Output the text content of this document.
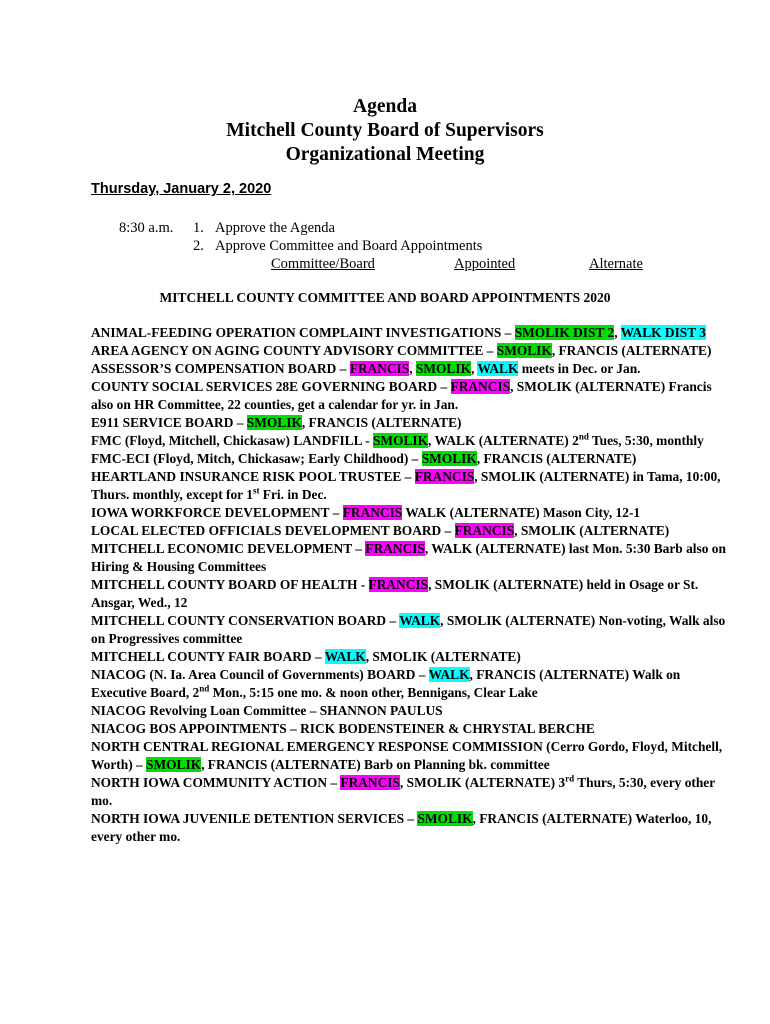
Agenda
Mitchell County Board of Supervisors
Organizational Meeting
Thursday, January 2, 2020
8:30 a.m. 1. Approve the Agenda
2. Approve Committee and Board Appointments
Committee/Board	Appointed	Alternate
MITCHELL COUNTY COMMITTEE AND BOARD APPOINTMENTS 2020

ANIMAL-FEEDING OPERATION COMPLAINT INVESTIGATIONS – SMOLIK DIST 2, WALK DIST 3

AREA AGENCY ON AGING COUNTY ADVISORY COMMITTEE – SMOLIK, FRANCIS (ALTERNATE)

ASSESSOR’S COMPENSATION BOARD – FRANCIS, SMOLIK, WALK meets in Dec. or Jan.

COUNTY SOCIAL SERVICES 28E GOVERNING BOARD – FRANCIS, SMOLIK (ALTERNATE) Francis also on HR Committee, 22 counties, get a calendar for yr. in Jan.

E911 SERVICE BOARD – SMOLIK, FRANCIS (ALTERNATE)

FMC (Floyd, Mitchell, Chickasaw) LANDFILL - SMOLIK, WALK (ALTERNATE) 2nd Tues, 5:30, monthly

FMC-ECI (Floyd, Mitch, Chickasaw; Early Childhood) – SMOLIK, FRANCIS (ALTERNATE)

HEARTLAND INSURANCE RISK POOL TRUSTEE – FRANCIS, SMOLIK (ALTERNATE) in Tama, 10:00, Thurs. monthly, except for 1st Fri. in Dec.

IOWA WORKFORCE DEVELOPMENT – FRANCIS WALK (ALTERNATE) Mason City, 12-1

LOCAL ELECTED OFFICIALS DEVELOPMENT BOARD – FRANCIS, SMOLIK (ALTERNATE)

MITCHELL ECONOMIC DEVELOPMENT – FRANCIS, WALK (ALTERNATE) last Mon. 5:30 Barb also on Hiring & Housing Committees

MITCHELL COUNTY BOARD OF HEALTH - FRANCIS, SMOLIK (ALTERNATE) held in Osage or St. Ansgar, Wed., 12

MITCHELL COUNTY CONSERVATION BOARD – WALK, SMOLIK (ALTERNATE) Non-voting, Walk also on Progressives committee

MITCHELL COUNTY FAIR BOARD – WALK, SMOLIK (ALTERNATE)

NIACOG (N. Ia. Area Council of Governments) BOARD – WALK, FRANCIS (ALTERNATE) Walk on Executive Board, 2nd Mon., 5:15 one mo. & noon other, Bennigans, Clear Lake

NIACOG Revolving Loan Committee – SHANNON PAULUS

NIACOG BOS APPOINTMENTS – RICK BODENSTEINER & CHRYSTAL BERCHE

NORTH CENTRAL REGIONAL EMERGENCY RESPONSE COMMISSION (Cerro Gordo, Floyd, Mitchell, Worth) – SMOLIK, FRANCIS (ALTERNATE) Barb on Planning bk. committee

NORTH IOWA COMMUNITY ACTION – FRANCIS, SMOLIK (ALTERNATE) 3rd Thurs, 5:30, every other mo.

NORTH IOWA JUVENILE DETENTION SERVICES – SMOLIK, FRANCIS (ALTERNATE) Waterloo, 10, every other mo.
